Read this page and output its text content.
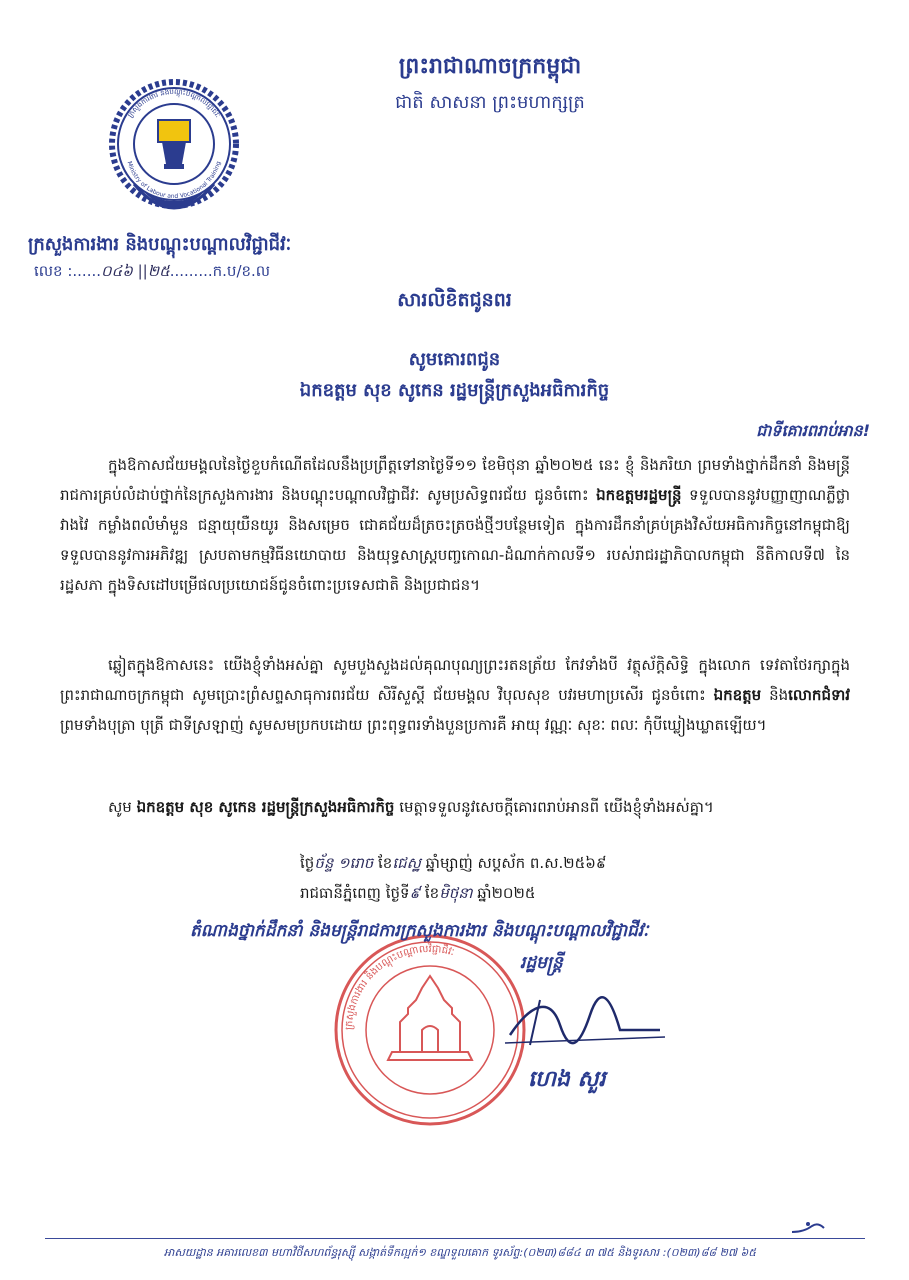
ព្រះរាជាណាចក្រកម្ពុជា
ជាតិ សាសនា ព្រះមហាក្សត្រ
ក្រសួងការងារ និងបណ្ដុះបណ្ដាលវិជ្ជាជីវៈ
Ministry of Labour and Vocational Training
ក្រសួងការងារ និងបណ្តុះបណ្តាលវិជ្ជាជីវៈ
លេខ :......០៤៦ ||២៥.........ក.ប/ខ.ល
សារលិខិតជូនពរ
សូមគោរពជូន
ឯកឧត្តម សុខ សូកេន រដ្ឋមន្ត្រីក្រសួងអធិការកិច្ច
ជាទីគោរពរាប់អាន!
ក្នុងឱកាសជ័យមង្គលនៃថ្ងៃខួបកំណើតដែលនឹងប្រព្រឹត្តទៅនាថ្ងៃទី១១ ខែមិថុនា ឆ្នាំ២០២៥ នេះ ខ្ញុំ និងភរិយា ព្រមទាំងថ្នាក់ដឹកនាំ និងមន្ត្រីរាជការគ្រប់លំដាប់ថ្នាក់នៃក្រសួងការងារ និងបណ្តុះបណ្តាលវិជ្ជាជីវៈ សូមប្រសិទ្ធពរជ័យ ជូនចំពោះ ឯកឧត្តមរដ្ឋមន្ត្រី ទទួលបាននូវបញ្ញាញាណភ្លឺថ្លាវាងវៃ កម្លាំងពលំមាំមួន ជន្មាយុយឺនយូរ និងសម្រេច ជោគជ័យដ៏ត្រចះត្រចង់ថ្មីៗបន្ថែមទៀត ក្នុងការដឹកនាំគ្រប់គ្រងវិស័យអធិការកិច្ចនៅកម្ពុជាឱ្យទទួលបាននូវការអភិវឌ្ឍ ស្របតាមកម្មវិធីនយោបាយ និងយុទ្ធសាស្ត្របញ្ចកោណ-ដំណាក់កាលទី១ របស់រាជរដ្ឋាភិបាលកម្ពុជា នីតិកាលទី៧ នៃរដ្ឋសភា ក្នុងទិសដៅបម្រើផលប្រយោជន៍ជូនចំពោះប្រទេសជាតិ និងប្រជាជន។
ឆ្លៀតក្នុងឱកាសនេះ យើងខ្ញុំទាំងអស់គ្នា សូមបួងសួងដល់គុណបុណ្យព្រះរតនត្រ័យ កែវទាំងបី វត្ថុស័ក្តិសិទ្ធិ ក្នុងលោក ទេវតាថែរក្សាក្នុងព្រះរាជាណាចក្រកម្ពុជា សូមប្រោះព្រំសព្ទសាធុការពរជ័យ សិរីសួស្តី ជ័យមង្គល វិបុលសុខ បវរមហាប្រសើរ ជូនចំពោះ ឯកឧត្តម និងលោកជំទាវ ព្រមទាំងបុត្រា បុត្រី ជាទីស្រឡាញ់ សូមសមប្រកបដោយ ព្រះពុទ្ធពរទាំងបួនប្រការគឺ អាយុ វណ្ណៈ សុខៈ ពលៈ កុំបីឃ្លៀងឃ្លាតឡើយ។
សូម ឯកឧត្តម សុខ សូកេន រដ្ឋមន្ត្រីក្រសួងអធិការកិច្ច មេត្តាទទួលនូវសេចក្តីគោរពរាប់អានពី យើងខ្ញុំទាំងអស់គ្នា។
ថ្ងៃច័ន្ទ ១រោច ខែជេស្ឋ ឆ្នាំម្សាញ់ សប្តស័ក ព.ស.២៥៦៩
រាជធានីភ្នំពេញ ថ្ងៃទី៩ ខែមិថុនា ឆ្នាំ២០២៥
ក្រសួងការងារ និងបណ្តុះបណ្តាលវិជ្ជាជីវៈ
តំណាងថ្នាក់ដឹកនាំ និងមន្ត្រីរាជការក្រសួងការងារ និងបណ្តុះបណ្តាលវិជ្ជាជីវៈ
រដ្ឋមន្ត្រី
ហេង សួរ
អាសយដ្ឋាន អគារលេខ៣ មហាវិថីសហព័ន្ធរុស្ស៊ី សង្កាត់ទឹកល្អក់១ ខណ្ឌទួលគោក ទូរស័ព្ទ:(០២៣)៨៨៤ ៣ ៧៥ និងទូរសារ :(០២៣)៨៨ ២៧ ៦៥
